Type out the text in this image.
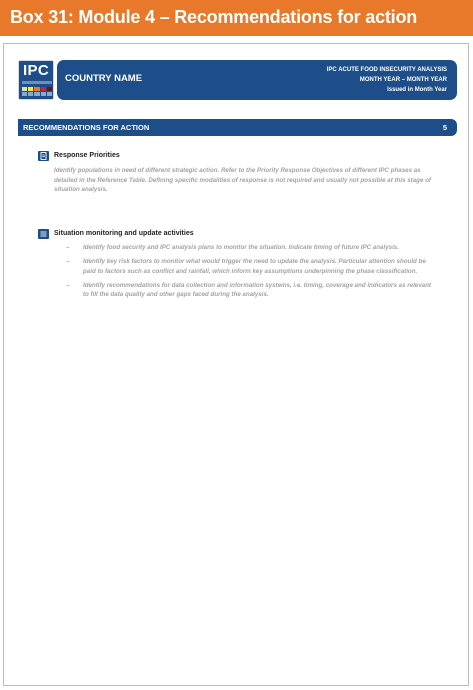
Box 31: Module 4 – Recommendations for action
IPC	COUNTRY NAME
IPC ACUTE FOOD INSECURITY ANALYSIS
MONTH YEAR – MONTH YEAR
Issued in Month Year
RECOMMENDATIONS FOR ACTION	5
Response Priorities
Identify populations in need of different strategic action. Refer to the Priority Response Objectives of different IPC phases as detailed in the Reference Table. Defining specific modalities of response is not required and usually not possible at this stage of situation analysis.
Situation monitoring and update activities
– Identify food security and IPC analysis plans to monitor the situation. Indicate timing of future IPC analysis.
– Identify key risk factors to monitor what would trigger the need to update the analysis. Particular attention should be paid to factors such as conflict and rainfall, which inform key assumptions underpinning the phase classification.
– Identify recommendations for data collection and information systems, i.e. timing, coverage and indicators as relevant to fill the data quality and other gaps faced during the analysis.
